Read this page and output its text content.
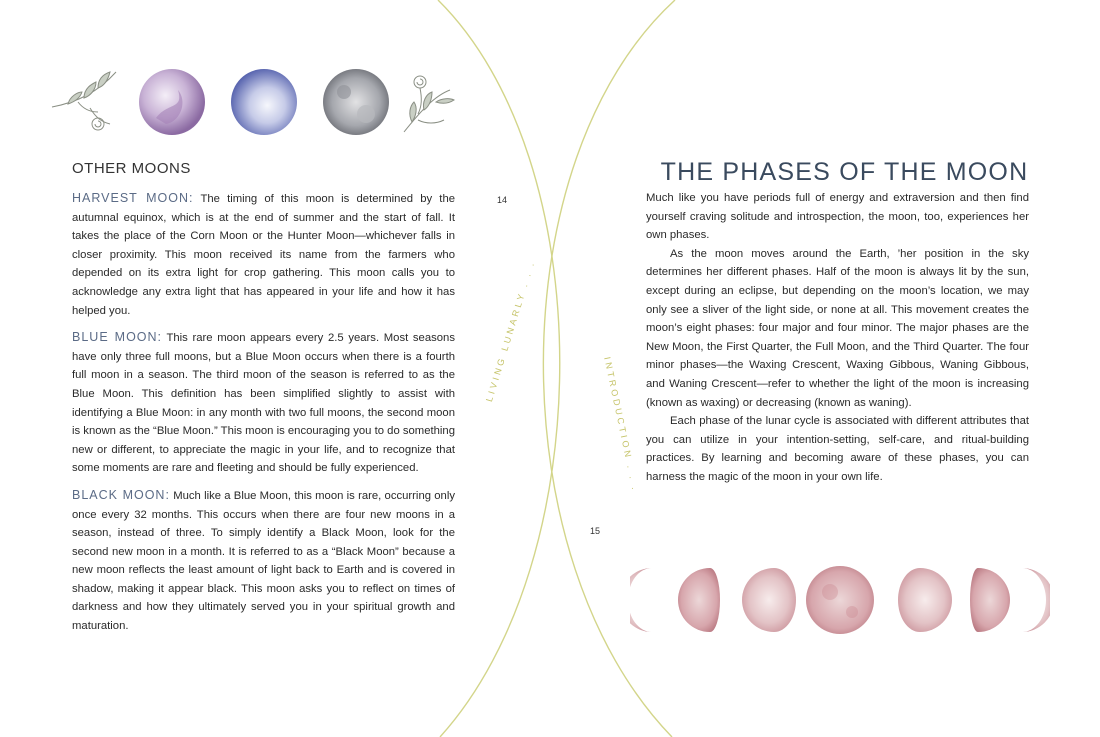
OTHER MOONS

HARVEST MOON: The timing of this moon is determined by the autumnal equinox, which is at the end of summer and the start of fall. It takes the place of the Corn Moon or the Hunter Moon—whichever falls in closer proximity. This moon received its name from the farmers who depended on its extra light for crop gathering. This moon calls you to acknowledge any extra light that has appeared in your life and how it has helped you.

BLUE MOON: This rare moon appears every 2.5 years. Most seasons have only three full moons, but a Blue Moon occurs when there is a fourth full moon in a season. The third moon of the season is referred to as the Blue Moon. This definition has been simplified slightly to assist with identifying a Blue Moon: in any month with two full moons, the second moon is known as the “Blue Moon.” This moon is encouraging you to do something new or different, to appreciate the magic in your life, and to recognize that some moments are rare and fleeting and should be fully experienced.

BLACK MOON: Much like a Blue Moon, this moon is rare, occurring only once every 32 months. This occurs when there are four new moons in a season, instead of three. To simply identify a Black Moon, look for the second new moon in a month. It is referred to as a “Black Moon” because a new moon reflects the least amount of light back to Earth and is covered in shadow, making it appear black. This moon asks you to reflect on times of darkness and how they ultimately served you in your spiritual growth and maturation.

14
LIVING LUNARLY . . .
15
INTRODUCTION . . .
THE PHASES OF THE MOON

Much like you have periods full of energy and extraversion and then find yourself craving solitude and introspection, the moon, too, experiences her own phases.

As the moon moves around the Earth, ’her position in the sky determines her different phases. Half of the moon is always lit by the sun, except during an eclipse, but depending on the moon’s location, we may only see a sliver of the light side, or none at all. This movement creates the moon’s eight phases: four major and four minor. The major phases are the New Moon, the First Quarter, the Full Moon, and the Third Quarter. The four minor phases—the Waxing Crescent, Waxing Gibbous, Waning Gibbous, and Waning Crescent—refer to whether the light of the moon is increasing (known as waxing) or decreasing (known as waning).

Each phase of the lunar cycle is associated with different attributes that you can utilize in your intention-setting, self-care, and ritual-building practices. By learning and becoming aware of these phases, you can harness the magic of the moon in your own life.
